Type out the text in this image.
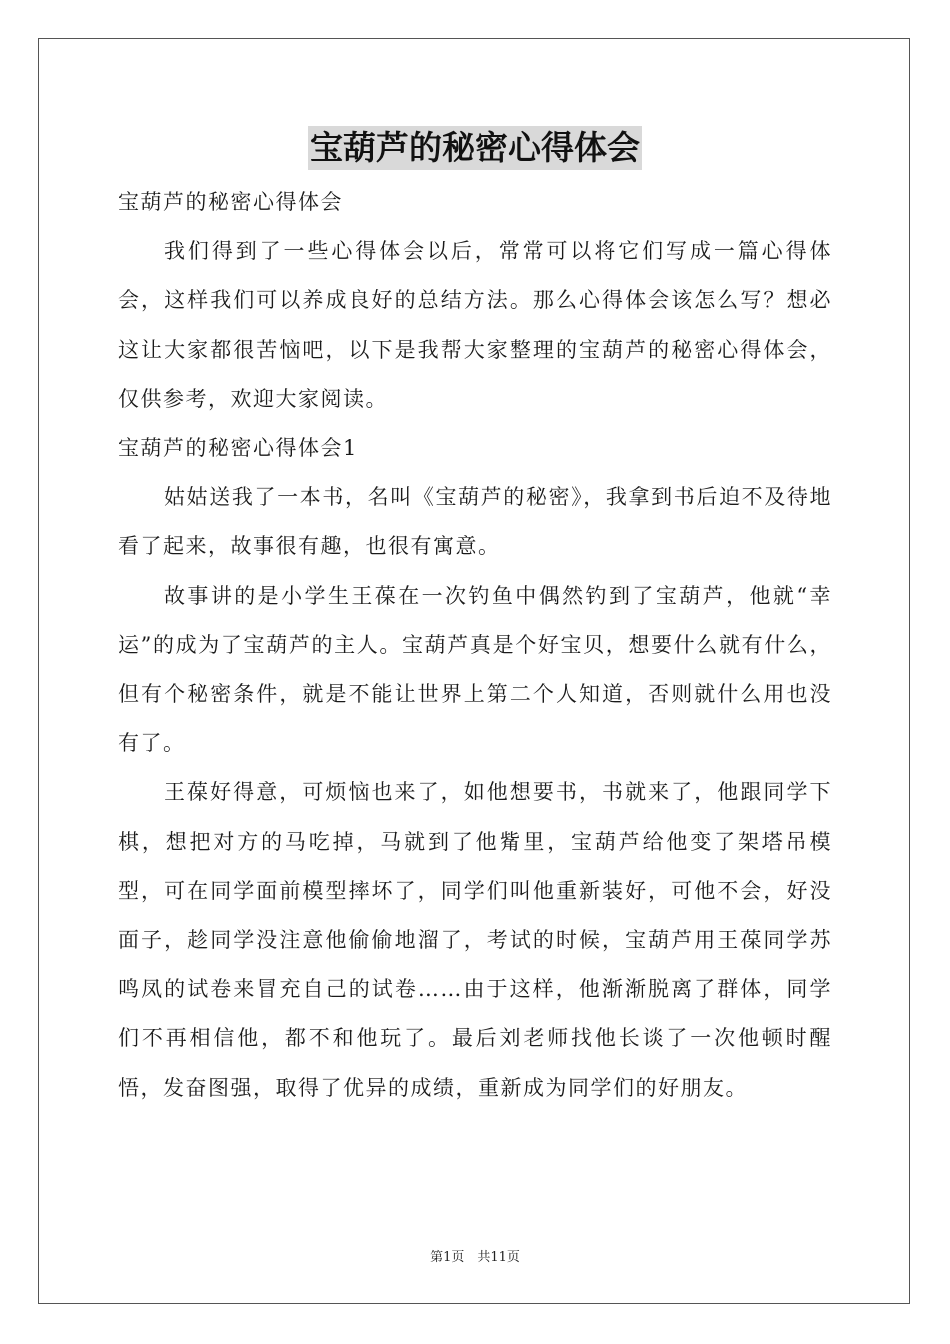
宝葫芦的秘密心得体会

宝葫芦的秘密心得体会

我们得到了一些心得体会以后，常常可以将它们写成一篇心得体会，这样我们可以养成良好的总结方法。那么心得体会该怎么写？想必这让大家都很苦恼吧，以下是我帮大家整理的宝葫芦的秘密心得体会，仅供参考，欢迎大家阅读。

宝葫芦的秘密心得体会1

姑姑送我了一本书，名叫《宝葫芦的秘密》，我拿到书后迫不及待地看了起来，故事很有趣，也很有寓意。

故事讲的是小学生王葆在一次钓鱼中偶然钓到了宝葫芦，他就“幸运”的成为了宝葫芦的主人。宝葫芦真是个好宝贝，想要什么就有什么，但有个秘密条件，就是不能让世界上第二个人知道，否则就什么用也没有了。

王葆好得意，可烦恼也来了，如他想要书，书就来了，他跟同学下棋，想把对方的马吃掉，马就到了他觜里，宝葫芦给他变了架塔吊模型，可在同学面前模型摔坏了，同学们叫他重新装好，可他不会，好没面子，趁同学没注意他偷偷地溜了，考试的时候，宝葫芦用王葆同学苏鸣凤的试卷来冒充自己的试卷……由于这样，他渐渐脱离了群体，同学们不再相信他，都不和他玩了。最后刘老师找他长谈了一次他顿时醒悟，发奋图强，取得了优异的成绩，重新成为同学们的好朋友。

第1页　共11页
